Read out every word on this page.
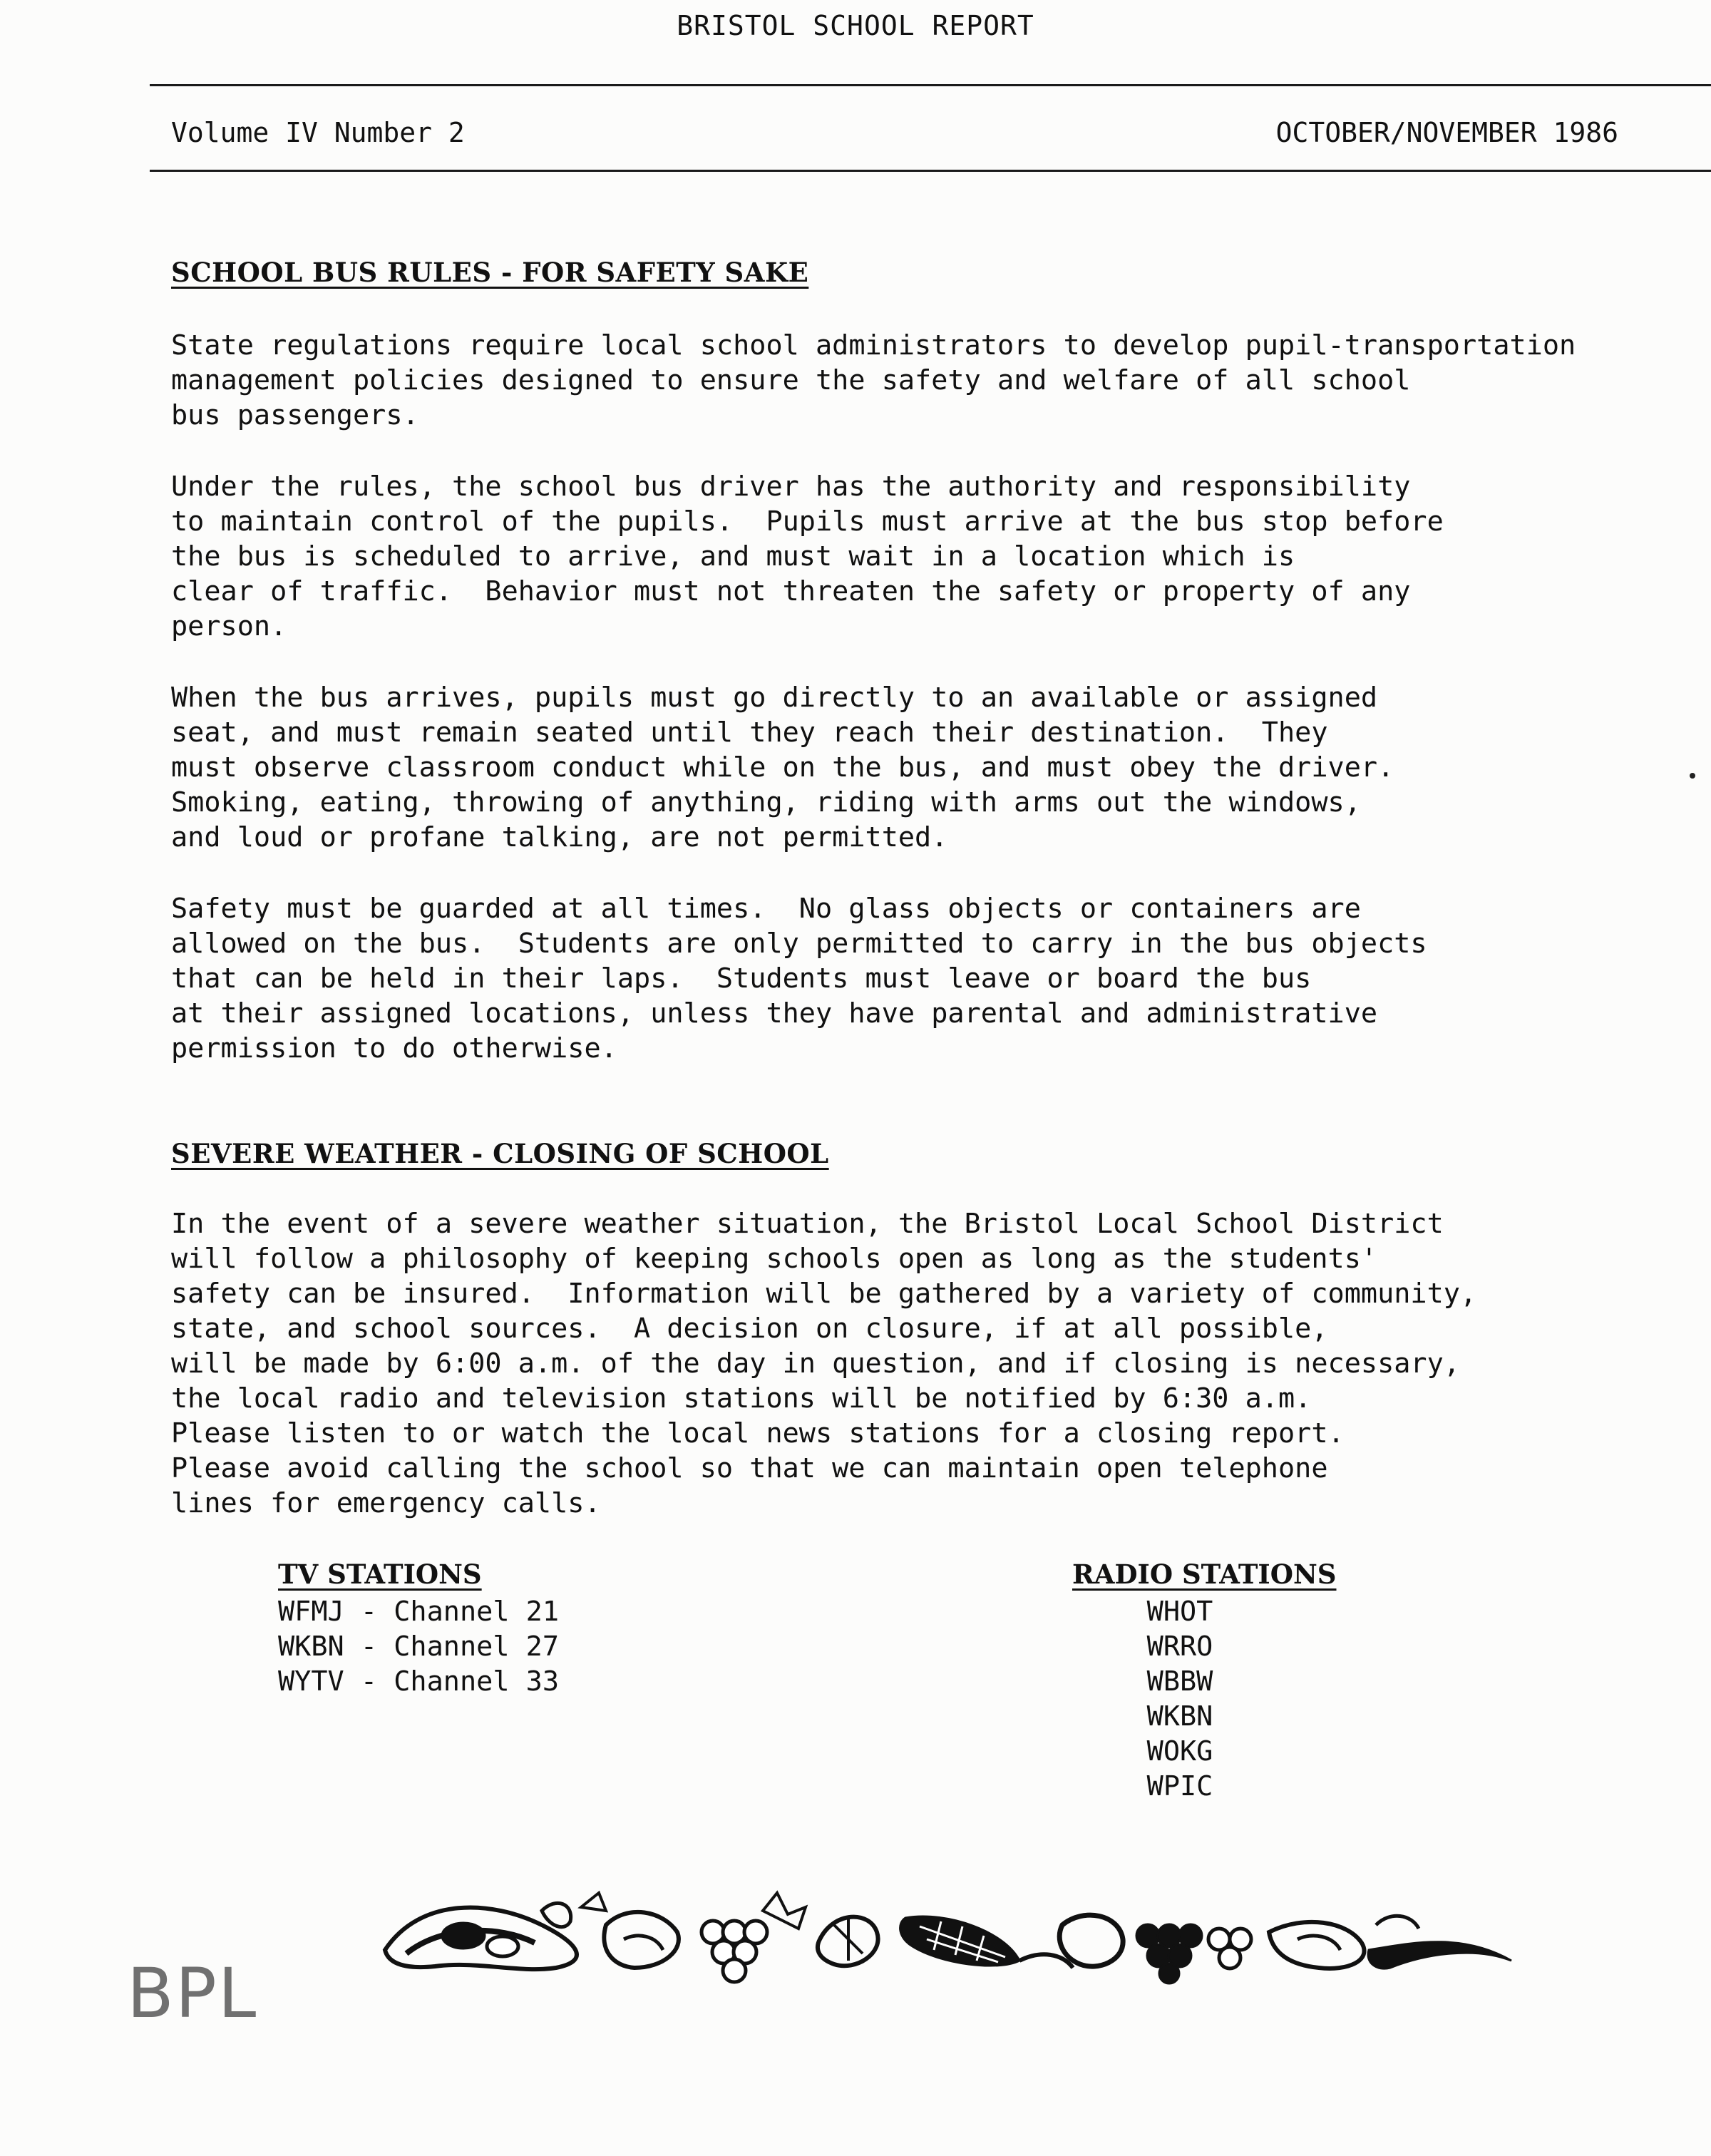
BRISTOL SCHOOL REPORT
Volume IV Number 2	OCTOBER/NOVEMBER 1986
SCHOOL BUS RULES - FOR SAFETY SAKE
State regulations require local school administrators to develop pupil-transportation
management policies designed to ensure the safety and welfare of all school
bus passengers.
Under the rules, the school bus driver has the authority and responsibility
to maintain control of the pupils.  Pupils must arrive at the bus stop before
the bus is scheduled to arrive, and must wait in a location which is
clear of traffic.  Behavior must not threaten the safety or property of any
person.
When the bus arrives, pupils must go directly to an available or assigned
seat, and must remain seated until they reach their destination.  They
must observe classroom conduct while on the bus, and must obey the driver.
Smoking, eating, throwing of anything, riding with arms out the windows,
and loud or profane talking, are not permitted.
Safety must be guarded at all times.  No glass objects or containers are
allowed on the bus.  Students are only permitted to carry in the bus objects
that can be held in their laps.  Students must leave or board the bus
at their assigned locations, unless they have parental and administrative
permission to do otherwise.
SEVERE WEATHER - CLOSING OF SCHOOL
In the event of a severe weather situation, the Bristol Local School District
will follow a philosophy of keeping schools open as long as the students'
safety can be insured.  Information will be gathered by a variety of community,
state, and school sources.  A decision on closure, if at all possible,
will be made by 6:00 a.m. of the day in question, and if closing is necessary,
the local radio and television stations will be notified by 6:30 a.m.
Please listen to or watch the local news stations for a closing report.
Please avoid calling the school so that we can maintain open telephone
lines for emergency calls.
TV STATIONS
WFMJ - Channel 21
WKBN - Channel 27
WYTV - Channel 33
RADIO STATIONS
WHOT
WRRO
WBBW
WKBN
WOKG
WPIC
BPL
